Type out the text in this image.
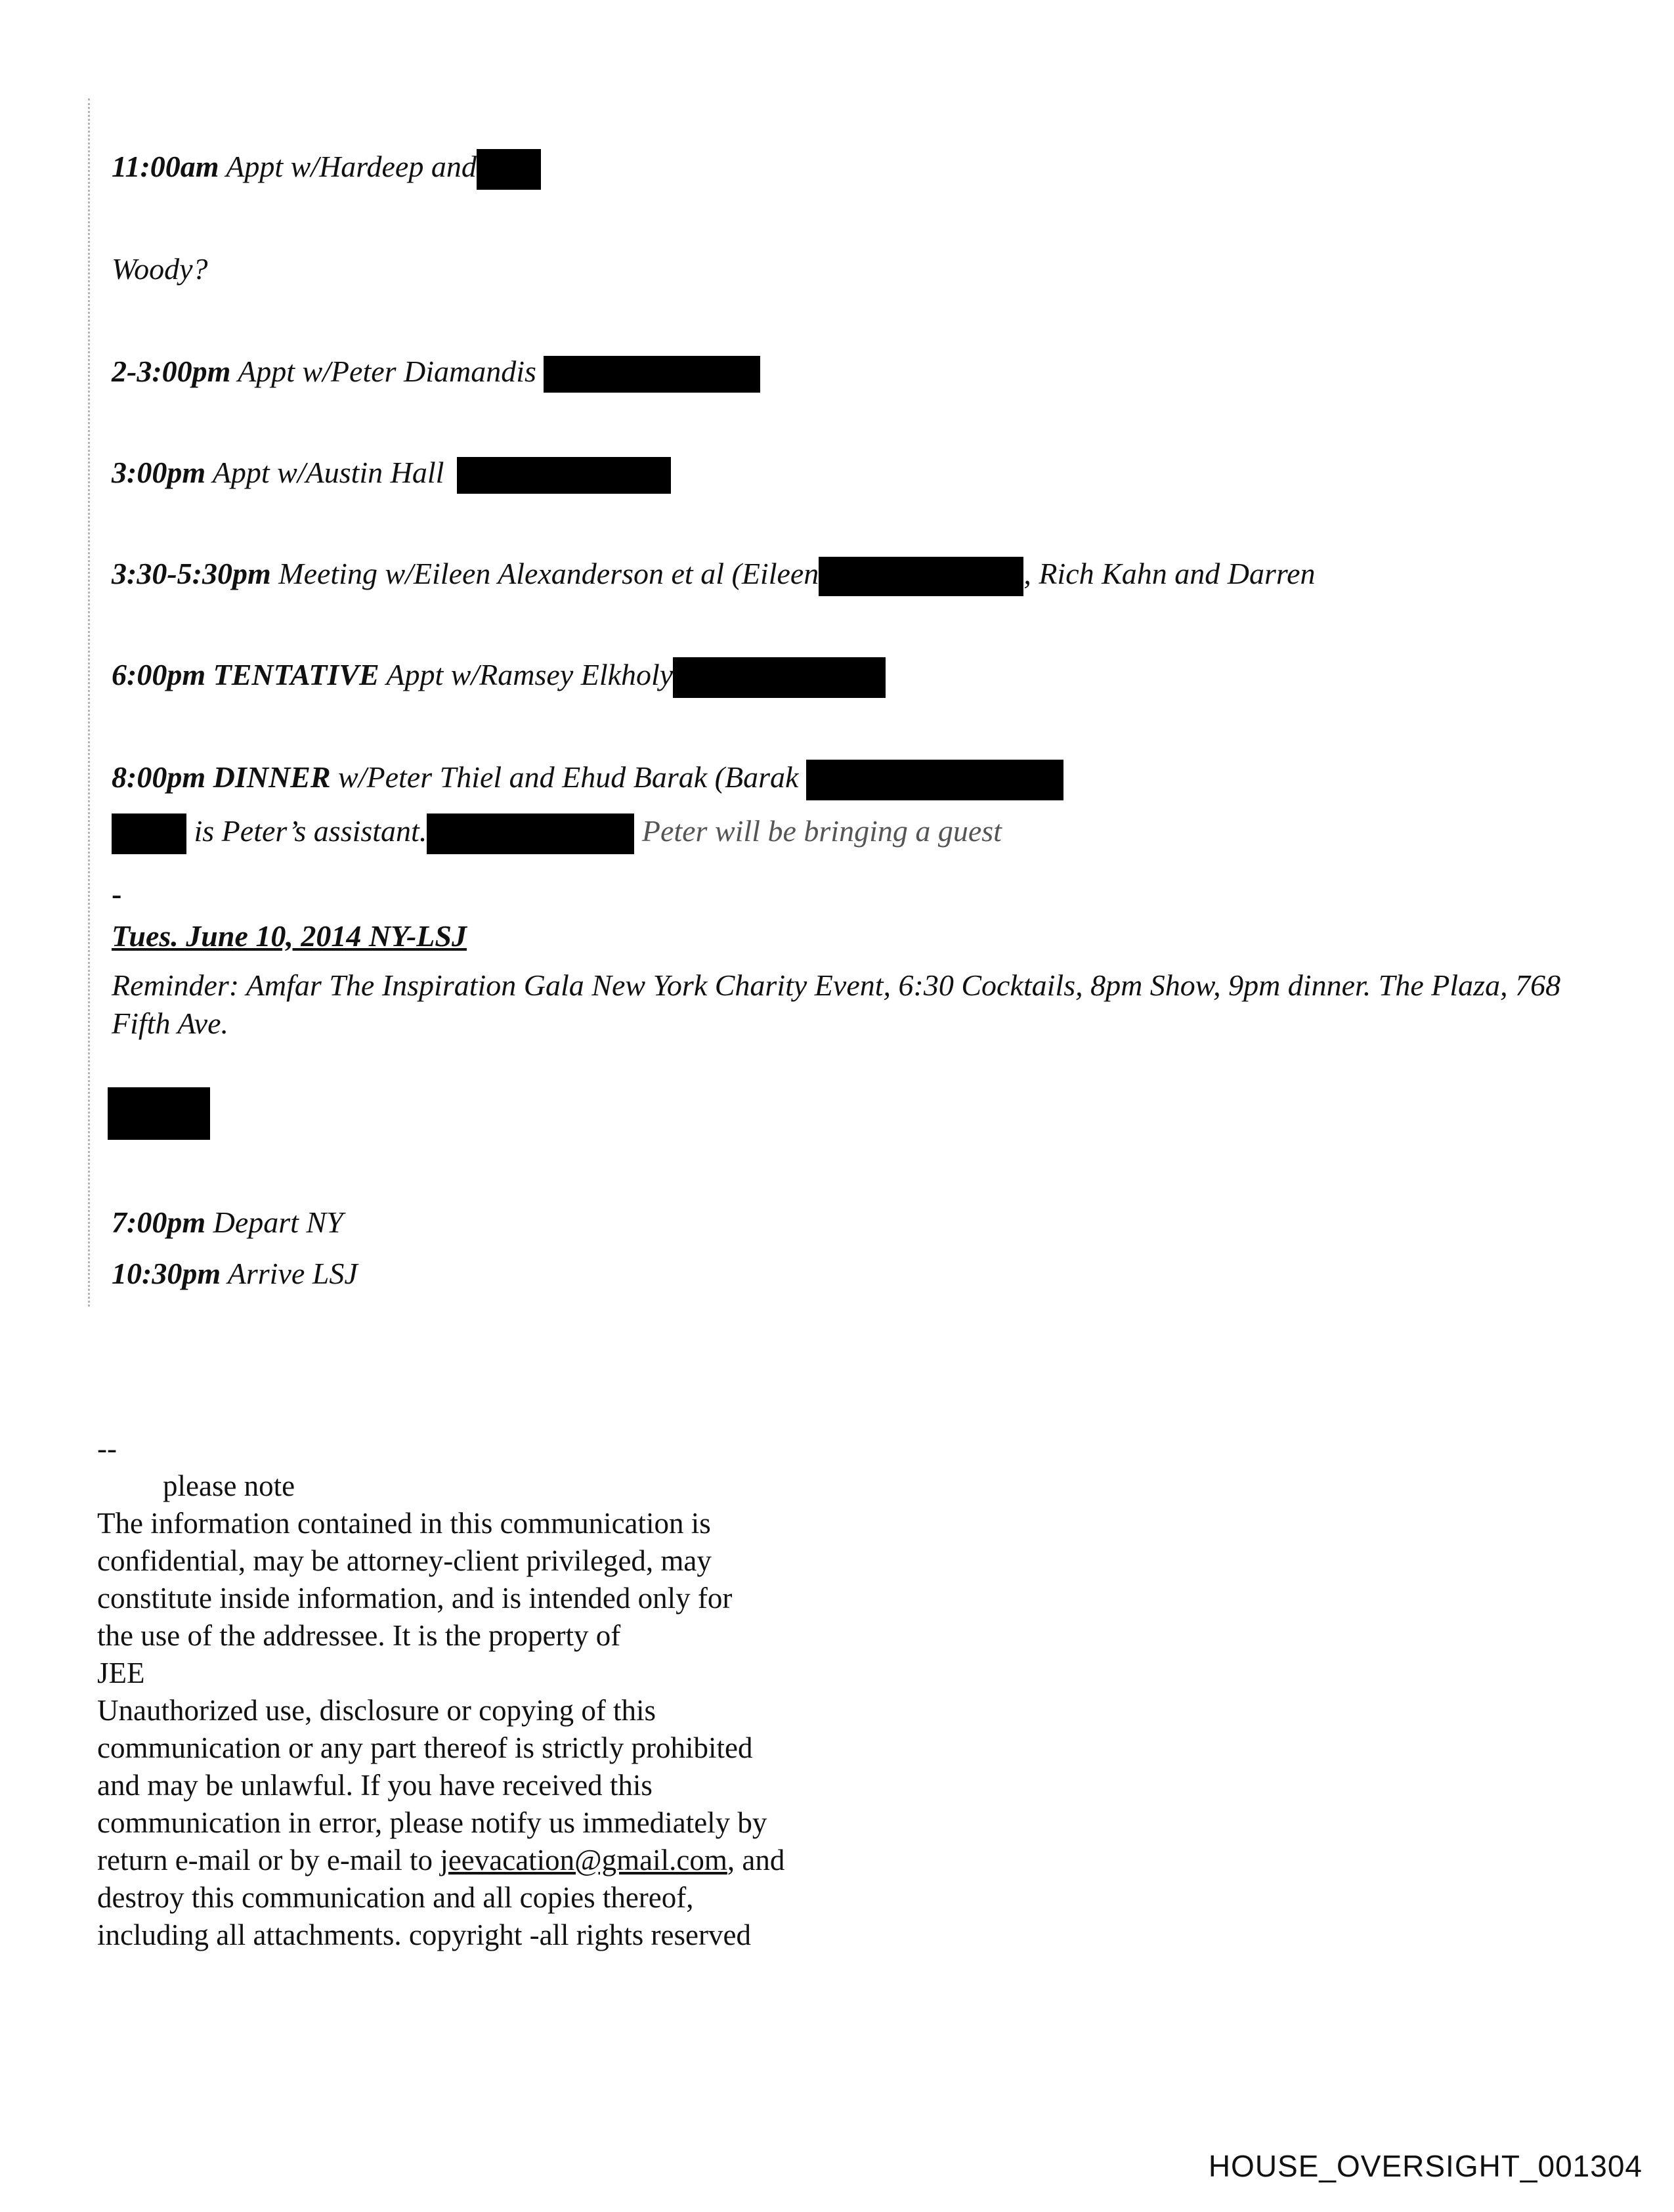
11:00am Appt w/Hardeep and
Woody?
2-3:00pm Appt w/Peter Diamandis
3:00pm Appt w/Austin Hall
3:30-5:30pm Meeting w/Eileen Alexanderson et al (Eileen	, Rich Kahn and Darren
6:00pm TENTATIVE Appt w/Ramsey Elkholy
8:00pm DINNER w/Peter Thiel and Ehud Barak (Barak
is Peter’s assistant.	Peter will be bringing a guest
-
Tues. June 10, 2014 NY-LSJ
Reminder: Amfar The Inspiration Gala New York Charity Event, 6:30 Cocktails, 8pm Show, 9pm dinner. The Plaza, 768 Fifth Ave.
7:00pm Depart NY
10:30pm Arrive LSJ
--
please note
The information contained in this communication is
confidential, may be attorney-client privileged, may
constitute inside information, and is intended only for
the use of the addressee. It is the property of
JEE
Unauthorized use, disclosure or copying of this
communication or any part thereof is strictly prohibited
and may be unlawful. If you have received this
communication in error, please notify us immediately by
return e-mail or by e-mail to jeevacation@gmail.com, and
destroy this communication and all copies thereof,
including all attachments. copyright -all rights reserved
HOUSE_OVERSIGHT_001304
